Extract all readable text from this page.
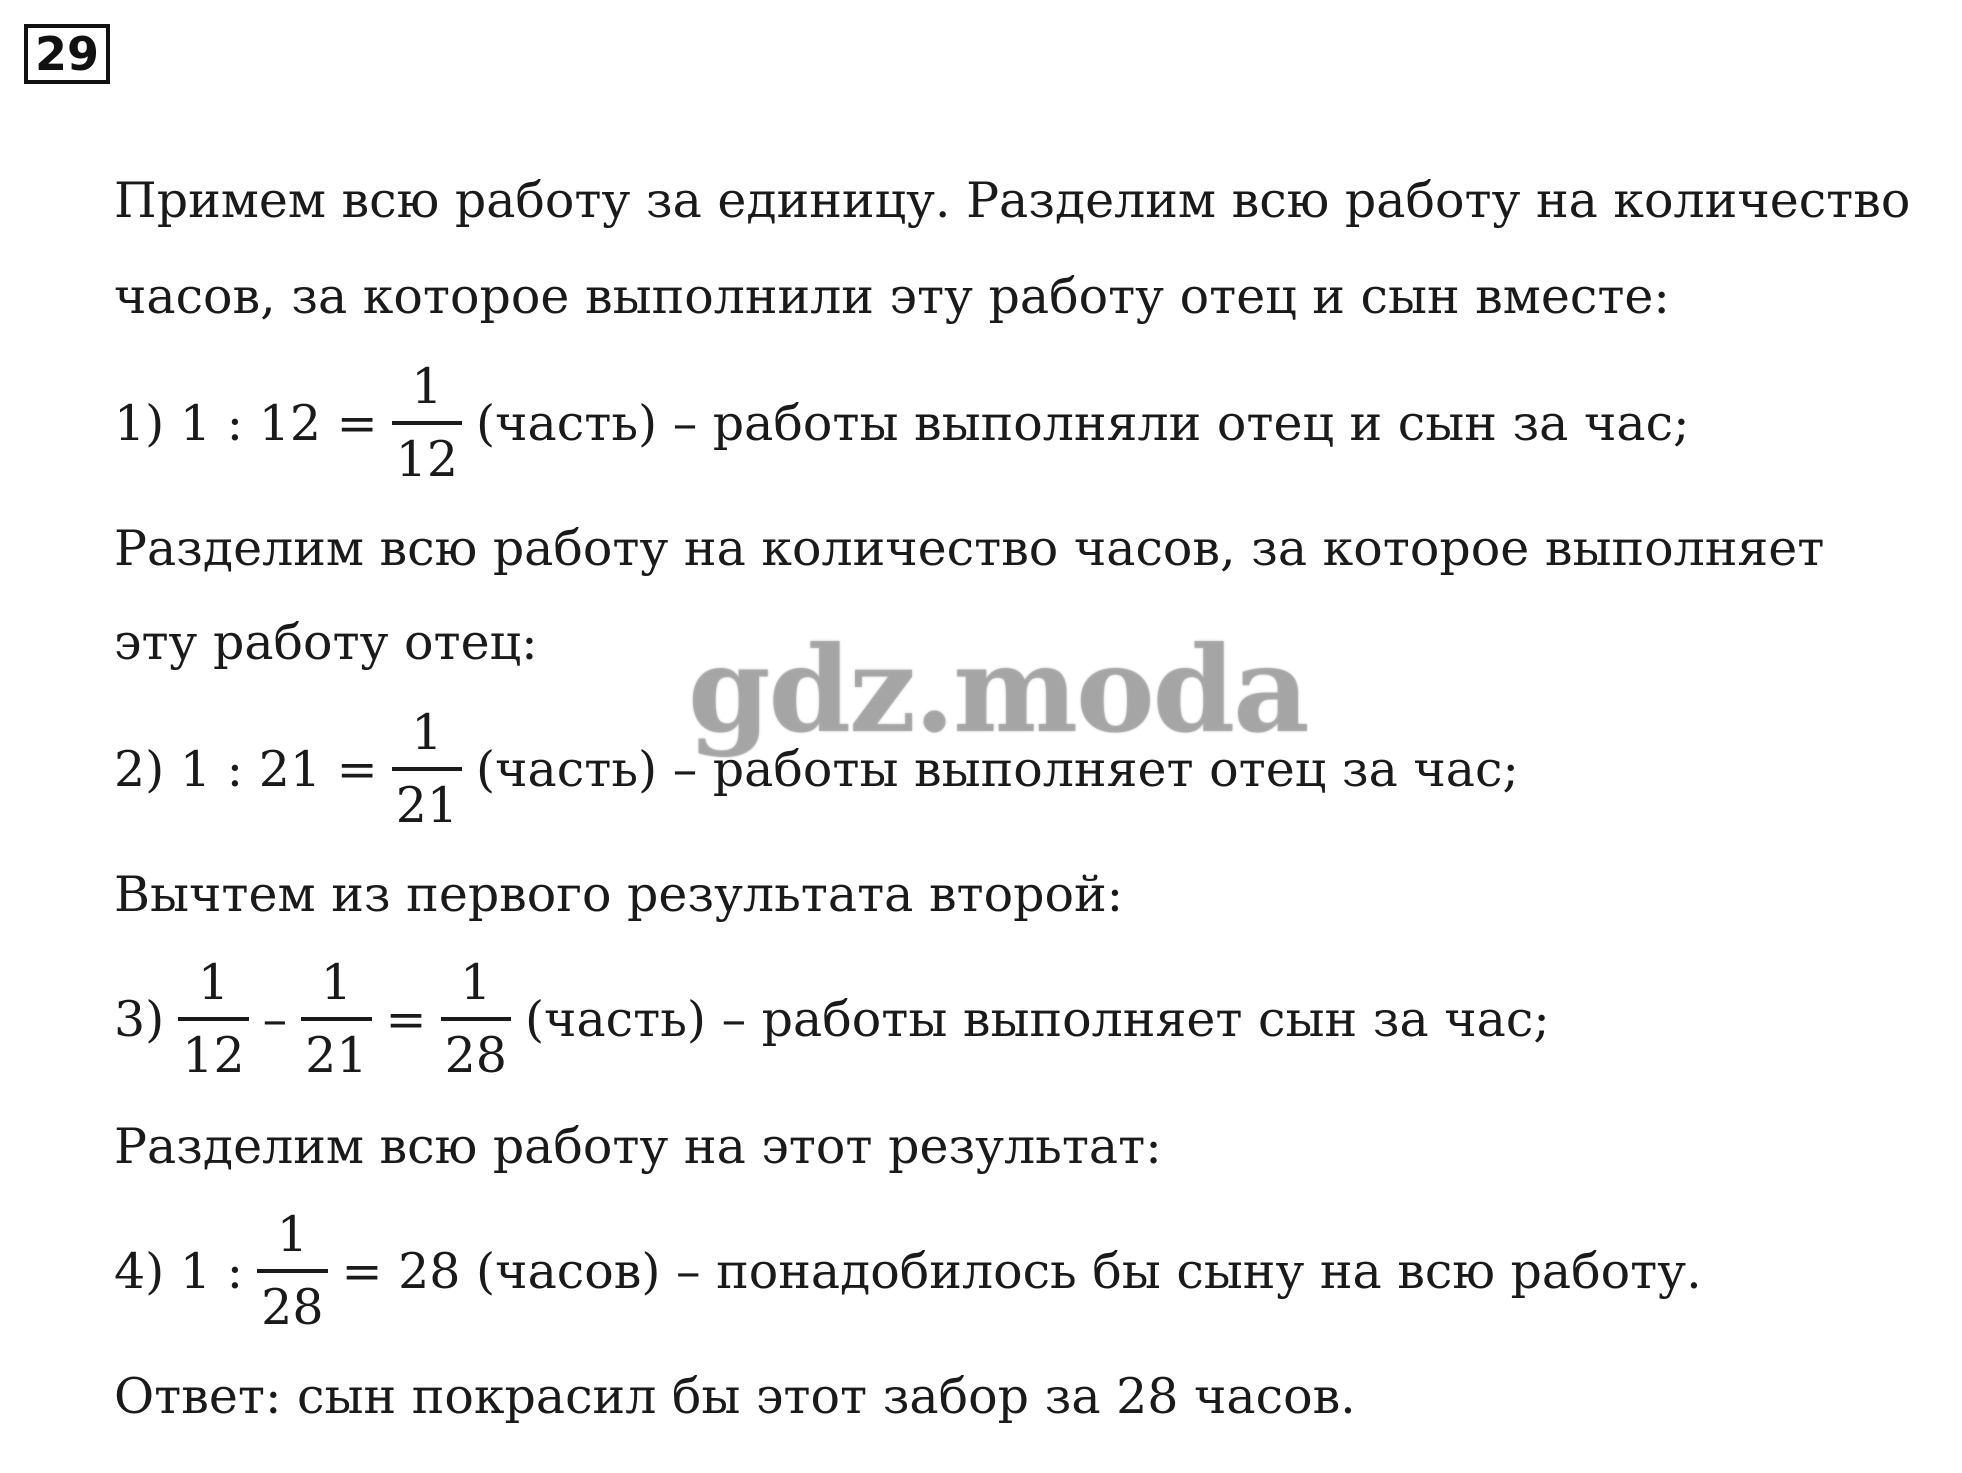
29
Примем всю работу за единицу. Разделим всю работу на количество
часов, за которое выполнили эту работу отец и сын вместе:
1) 1 : $12 = \frac{1}{12}$ (часть) – работы выполняли отец и сын за час;
Разделим всю работу на количество часов, за которое выполняет
эту работу отец:
2) 1 : $21 = \frac{1}{21}$ (часть) – работы выполняет отец за час;
Вычтем из первого результата второй:
$3) \frac{1}{12} - \frac{1}{21} = \frac{1}{28}$ (часть) – работы выполняет сын за час;
Разделим всю работу на этот результат:
4) 1 : $\frac{1}{28} = 28$ (часов) – понадобилось бы сыну на всю работу.
Ответ: сын покрасил бы этот забор за 28 часов.
gdz.moda
